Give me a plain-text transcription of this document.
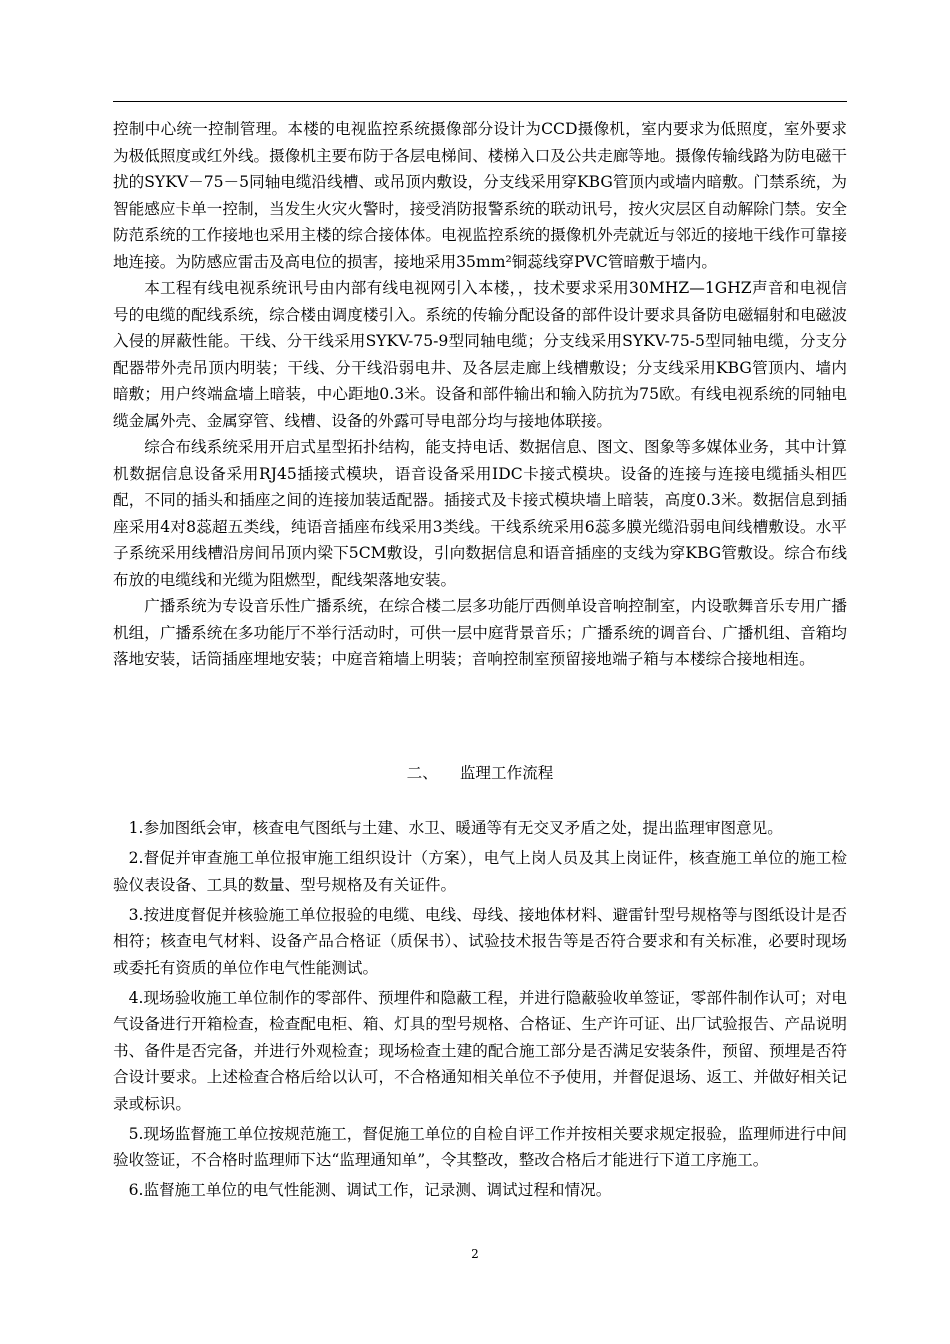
控制中心统一控制管理。本楼的电视监控系统摄像部分设计为CCD摄像机，室内要求为低照度，室外要求为极低照度或红外线。摄像机主要布防于各层电梯间、楼梯入口及公共走廊等地。摄像传输线路为防电磁干扰的SYKV－75－5同轴电缆沿线槽、或吊顶内敷设，分支线采用穿KBG管顶内或墙内暗敷。门禁系统，为智能感应卡单一控制，当发生火灾火警时，接受消防报警系统的联动讯号，按火灾层区自动解除门禁。安全防范系统的工作接地也采用主楼的综合接体体。电视监控系统的摄像机外壳就近与邻近的接地干线作可靠接地连接。为防感应雷击及高电位的损害，接地采用35mm²铜蕊线穿PVC管暗敷于墙内。

本工程有线电视系统讯号由内部有线电视网引入本楼，，技术要求采用30MHZ—1GHZ声音和电视信号的电缆的配线系统，综合楼由调度楼引入。系统的传输分配设备的部件设计要求具备防电磁辐射和电磁波入侵的屏蔽性能。干线、分干线采用SYKV-75-9型同轴电缆；分支线采用SYKV-75-5型同轴电缆，分支分配器带外壳吊顶内明装；干线、分干线沿弱电井、及各层走廊上线槽敷设；分支线采用KBG管顶内、墙内暗敷；用户终端盒墙上暗装，中心距地0.3米。设备和部件输出和输入防抗为75欧。有线电视系统的同轴电缆金属外壳、金属穿管、线槽、设备的外露可导电部分均与接地体联接。

综合布线系统采用开启式星型拓扑结构，能支持电话、数据信息、图文、图象等多媒体业务，其中计算机数据信息设备采用RJ45插接式模块，语音设备采用IDC卡接式模块。设备的连接与连接电缆插头相匹配，不同的插头和插座之间的连接加装适配器。插接式及卡接式模块墙上暗装，高度0.3米。数据信息到插座采用4对8蕊超五类线，纯语音插座布线采用3类线。干线系统采用6蕊多膜光缆沿弱电间线槽敷设。水平子系统采用线槽沿房间吊顶内梁下5CM敷设，引向数据信息和语音插座的支线为穿KBG管敷设。综合布线布放的电缆线和光缆为阻燃型，配线架落地安装。

广播系统为专设音乐性广播系统，在综合楼二层多功能厅西侧单设音响控制室，内设歌舞音乐专用广播机组，广播系统在多功能厅不举行活动时，可供一层中庭背景音乐；广播系统的调音台、广播机组、音箱均落地安装，话筒插座埋地安装；中庭音箱墙上明装；音响控制室预留接地端子箱与本楼综合接地相连。

二、 监理工作流程

1.参加图纸会审，核查电气图纸与土建、水卫、暖通等有无交叉矛盾之处，提出监理审图意见。

2.督促并审查施工单位报审施工组织设计（方案），电气上岗人员及其上岗证件，核查施工单位的施工检验仪表设备、工具的数量、型号规格及有关证件。

3.按进度督促并核验施工单位报验的电缆、电线、母线、接地体材料、避雷针型号规格等与图纸设计是否相符；核查电气材料、设备产品合格证（质保书）、试验技术报告等是否符合要求和有关标准，必要时现场或委托有资质的单位作电气性能测试。

4.现场验收施工单位制作的零部件、预埋件和隐蔽工程，并进行隐蔽验收单签证，零部件制作认可；对电气设备进行开箱检查，检查配电柜、箱、灯具的型号规格、合格证、生产许可证、出厂试验报告、产品说明书、备件是否完备，并进行外观检查；现场检查土建的配合施工部分是否满足安装条件，预留、预埋是否符合设计要求。上述检查合格后给以认可，不合格通知相关单位不予使用，并督促退场、返工、并做好相关记录或标识。

5.现场监督施工单位按规范施工，督促施工单位的自检自评工作并按相关要求规定报验，监理师进行中间验收签证，不合格时监理师下达“监理通知单”，令其整改，整改合格后才能进行下道工序施工。

6.监督施工单位的电气性能测、调试工作，记录测、调试过程和情况。

2
